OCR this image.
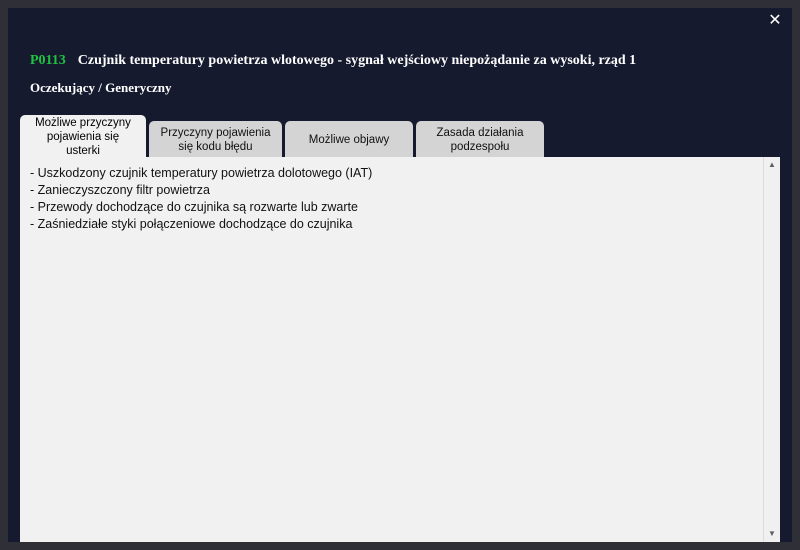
✕
P0113 Czujnik temperatury powietrza wlotowego - sygnał wejściowy niepożądanie za wysoki, rząd 1
Oczekujący / Generyczny
Możliwe przyczyny
pojawienia się usterki
Przyczyny pojawienia
się kodu błędu
Możliwe objawy
Zasada działania
podzespołu
- Uszkodzony czujnik temperatury powietrza dolotowego (IAT)
- Zanieczyszczony filtr powietrza
- Przewody dochodzące do czujnika są rozwarte lub zwarte
- Zaśniedziałe styki połączeniowe dochodzące do czujnika
▲
▼
